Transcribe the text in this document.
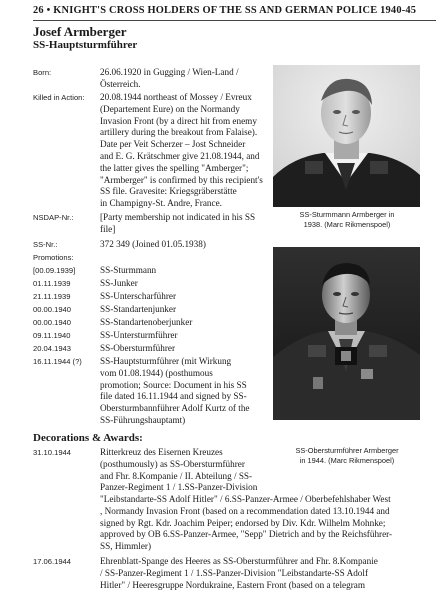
26 • KNIGHT'S CROSS HOLDERS OF THE SS AND GERMAN POLICE 1940-45
Josef Armberger
SS-Hauptsturmführer
Born:	26.06.1920 in Gugging / Wien-Land /
Österreich.
Killed in Action:	20.08.1944 northeast of Mossey / Evreux
(Departement Eure) on the Normandy
Invasion Front (by a direct hit from enemy
artillery during the breakout from Falaise).
Date per Veit Scherzer – Jost Schneider
and E. G. Krätschmer give 21.08.1944, and
the latter gives the spelling "Amberger";
"Armberger" is confirmed by this recipient's
SS file. Gravesite: Kriegsgräberstätte
in Champigny-St. Andre, France.
NSDAP-Nr.:	[Party membership not indicated in his SS
file]
SS-Nr.:	372 349 (Joined 01.05.1938)
Promotions:
[00.09.1939]	SS-Sturmmann
01.11.1939	SS-Junker
21.11.1939	SS-Unterscharführer
00.00.1940	SS-Standartenjunker
00.00.1940	SS-Standartenoberjunker
09.11.1940	SS-Untersturmführer
20.04.1943	SS-Obersturmführer
16.11.1944 (?)	SS-Hauptsturmführer (mit Wirkung
vom 01.08.1944) (posthumous
promotion; Source: Document in his SS
file dated 16.11.1944 and signed by SS-
Obersturmbannführer Adolf Kurtz of the
SS-Führungshauptamt)
Decorations & Awards:
31.10.1944	Ritterkreuz des Eisernen Kreuzes
(posthumously) as SS-Obersturmführer
and Fhr. 8.Kompanie / II. Abteilung / SS-
Panzer-Regiment 1 / 1.SS-Panzer-Division
"Leibstandarte-SS Adolf Hitler" / 6.SS-Panzer-Armee / Oberbefehlshaber West
, Normandy Invasion Front (based on a recommendation dated 13.10.1944 and
signed by Rgt. Kdr. Joachim Peiper; endorsed by Div. Kdr. Wilhelm Mohnke;
approved by OB 6.SS-Panzer-Armee, "Sepp" Dietrich and by the Reichsführer-
SS, Himmler)
17.06.1944	Ehrenblatt-Spange des Heeres as SS-Obersturmführer and Fhr. 8.Kompanie
/ SS-Panzer-Regiment 1 / 1.SS-Panzer-Division "Leibstandarte-SS Adolf
Hitler" / Heeresgruppe Nordukraine, Eastern Front (based on a telegram
SS-Sturmmann Armberger in
1938. (Marc Rikmenspoel)
SS-Obersturmführer Armberger
in 1944. (Marc Rikmenspoel)
